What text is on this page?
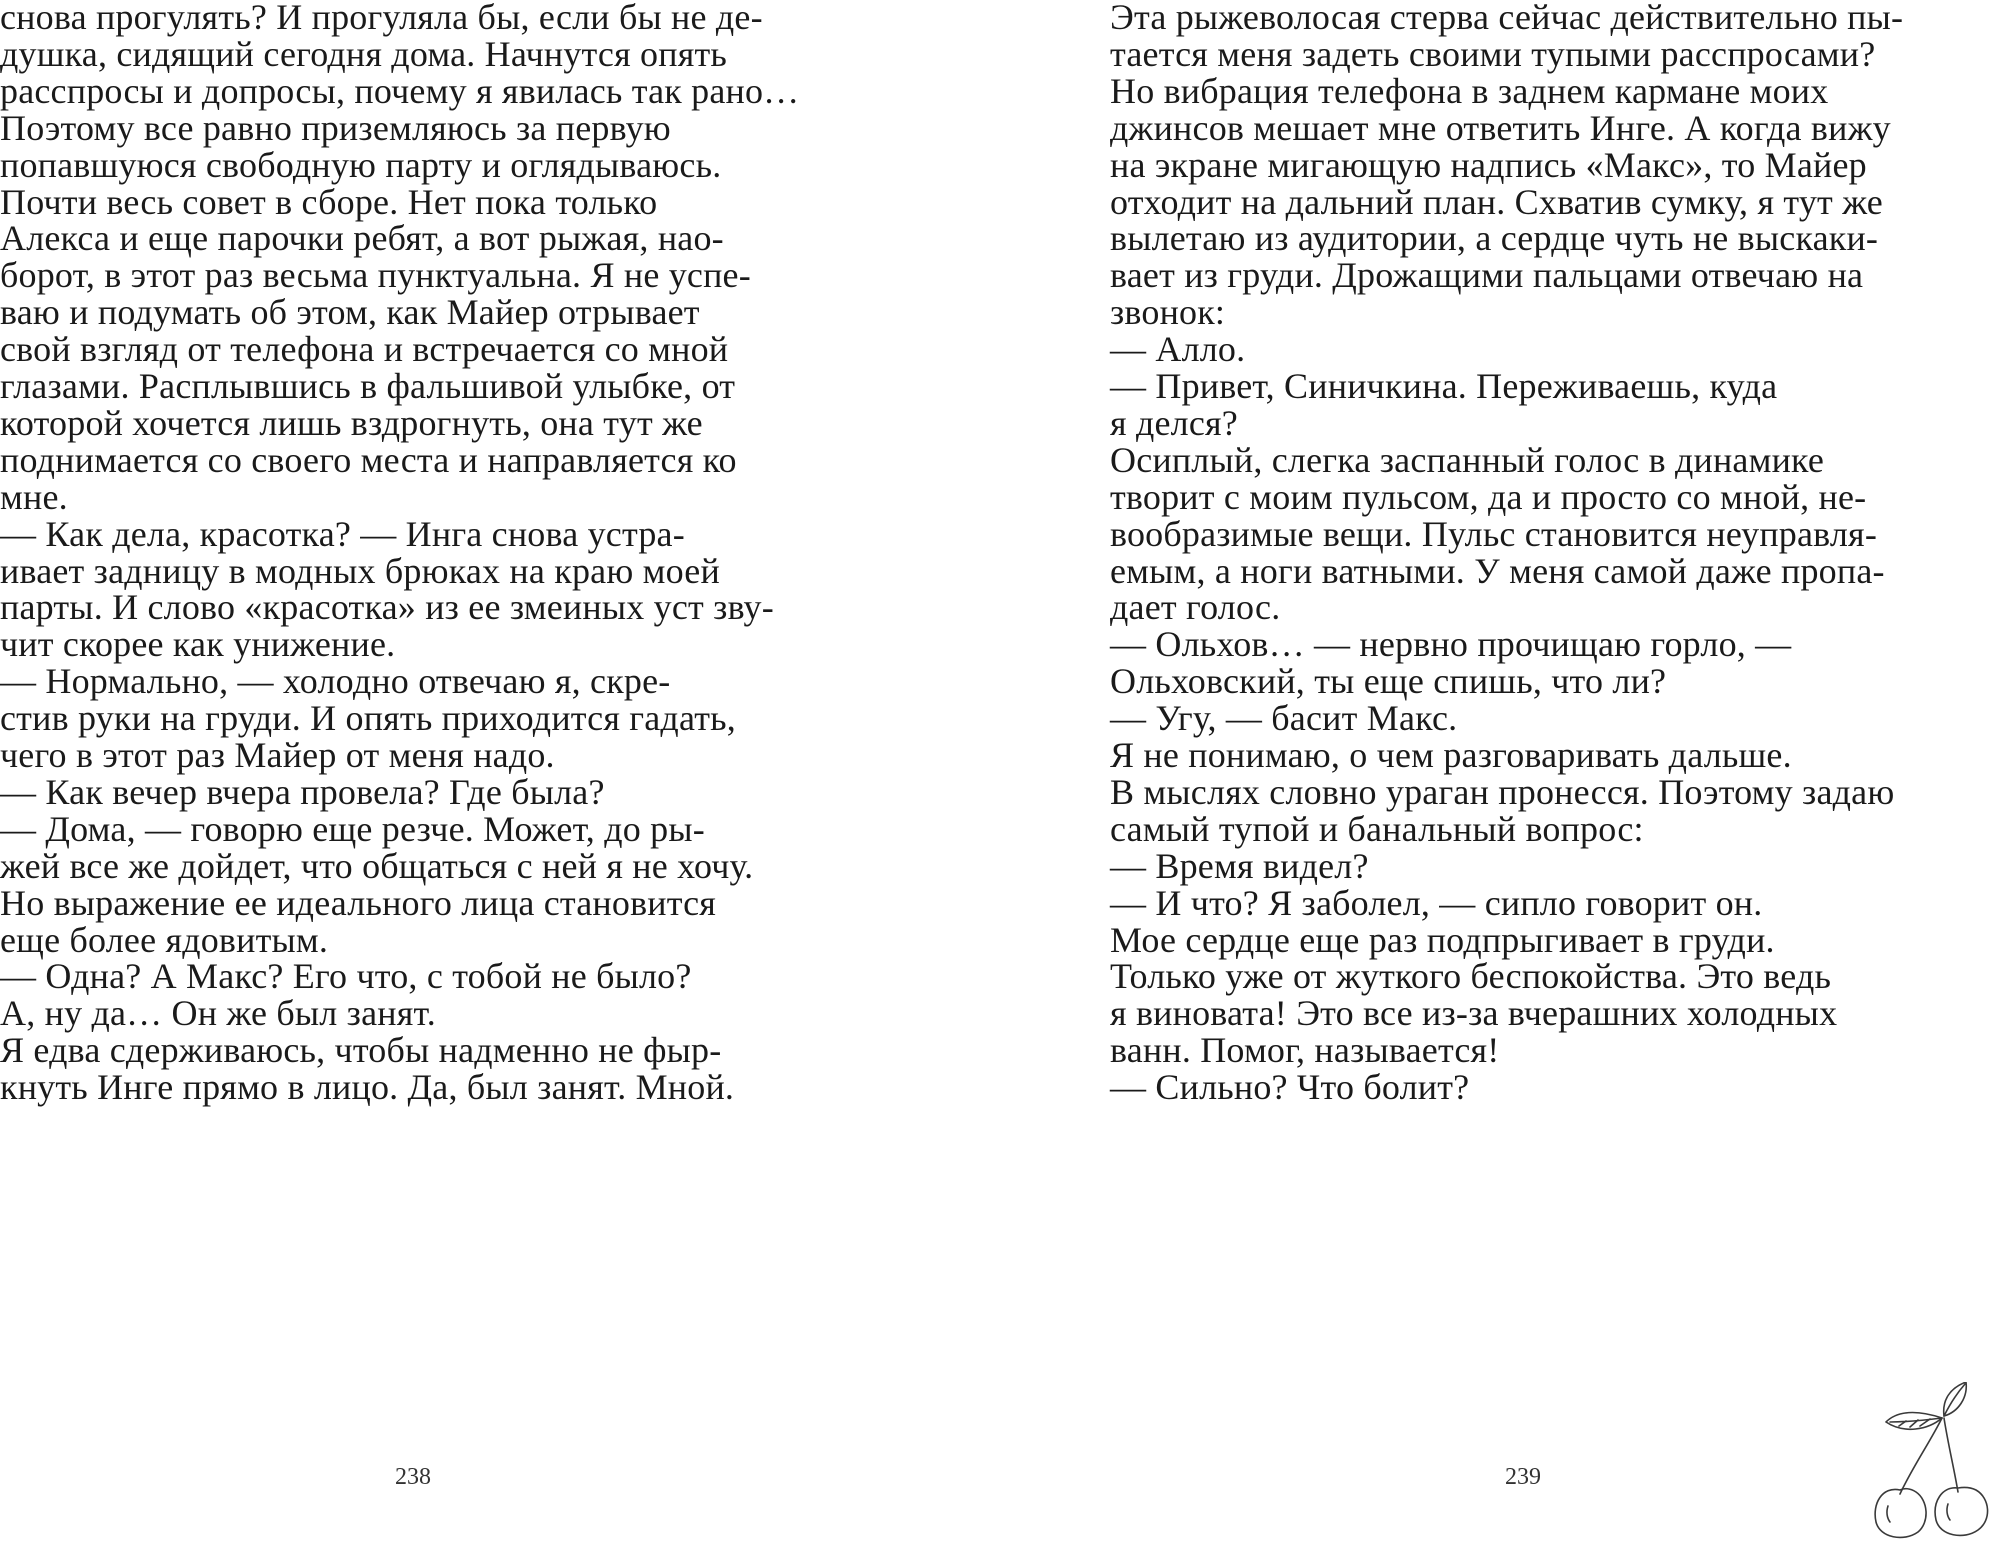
снова прогулять? И прогуляла бы, если бы не де-
душка, сидящий сегодня дома. Начнутся опять
расспросы и допросы, почему я явилась так рано…
Поэтому все равно приземляюсь за первую
попавшуюся свободную парту и оглядываюсь.
Почти весь совет в сборе. Нет пока только
Алекса и еще парочки ребят, а вот рыжая, нао-
борот, в этот раз весьма пунктуальна. Я не успе-
ваю и подумать об этом, как Майер отрывает
свой взгляд от телефона и встречается со мной
глазами. Расплывшись в фальшивой улыбке, от
которой хочется лишь вздрогнуть, она тут же
поднимается со своего места и направляется ко
мне.
— Как дела, красотка? — Инга снова устра-
ивает задницу в модных брюках на краю моей
парты. И слово «красотка» из ее змеиных уст зву-
чит скорее как унижение.
— Нормально, — холодно отвечаю я, скре-
стив руки на груди. И опять приходится гадать,
чего в этот раз Майер от меня надо.
— Как вечер вчера провела? Где была?
— Дома, — говорю еще резче. Может, до ры-
жей все же дойдет, что общаться с ней я не хочу.
Но выражение ее идеального лица становится
еще более ядовитым.
— Одна? А Макс? Его что, с тобой не было?
А, ну да… Он же был занят.
Я едва сдерживаюсь, чтобы надменно не фыр-
кнуть Инге прямо в лицо. Да, был занят. Мной.
238
Эта рыжеволосая стерва сейчас действительно пы-
тается меня задеть своими тупыми расспросами?
Но вибрация телефона в заднем кармане моих
джинсов мешает мне ответить Инге. А когда вижу
на экране мигающую надпись «Макс», то Майер
отходит на дальний план. Схватив сумку, я тут же
вылетаю из аудитории, а сердце чуть не выскаки-
вает из груди. Дрожащими пальцами отвечаю на
звонок:
— Алло.
— Привет, Синичкина. Переживаешь, куда
я делся?
Осиплый, слегка заспанный голос в динамике
творит с моим пульсом, да и просто со мной, не-
вообразимые вещи. Пульс становится неуправля-
емым, а ноги ватными. У меня самой даже пропа-
дает голос.
— Ольхов… — нервно прочищаю горло, —
Ольховский, ты еще спишь, что ли?
— Угу, — басит Макс.
Я не понимаю, о чем разговаривать дальше.
В мыслях словно ураган пронесся. Поэтому задаю
самый тупой и банальный вопрос:
— Время видел?
— И что? Я заболел, — сипло говорит он.
Мое сердце еще раз подпрыгивает в груди.
Только уже от жуткого беспокойства. Это ведь
я виновата! Это все из-за вчерашних холодных
ванн. Помог, называется!
— Сильно? Что болит?
239
